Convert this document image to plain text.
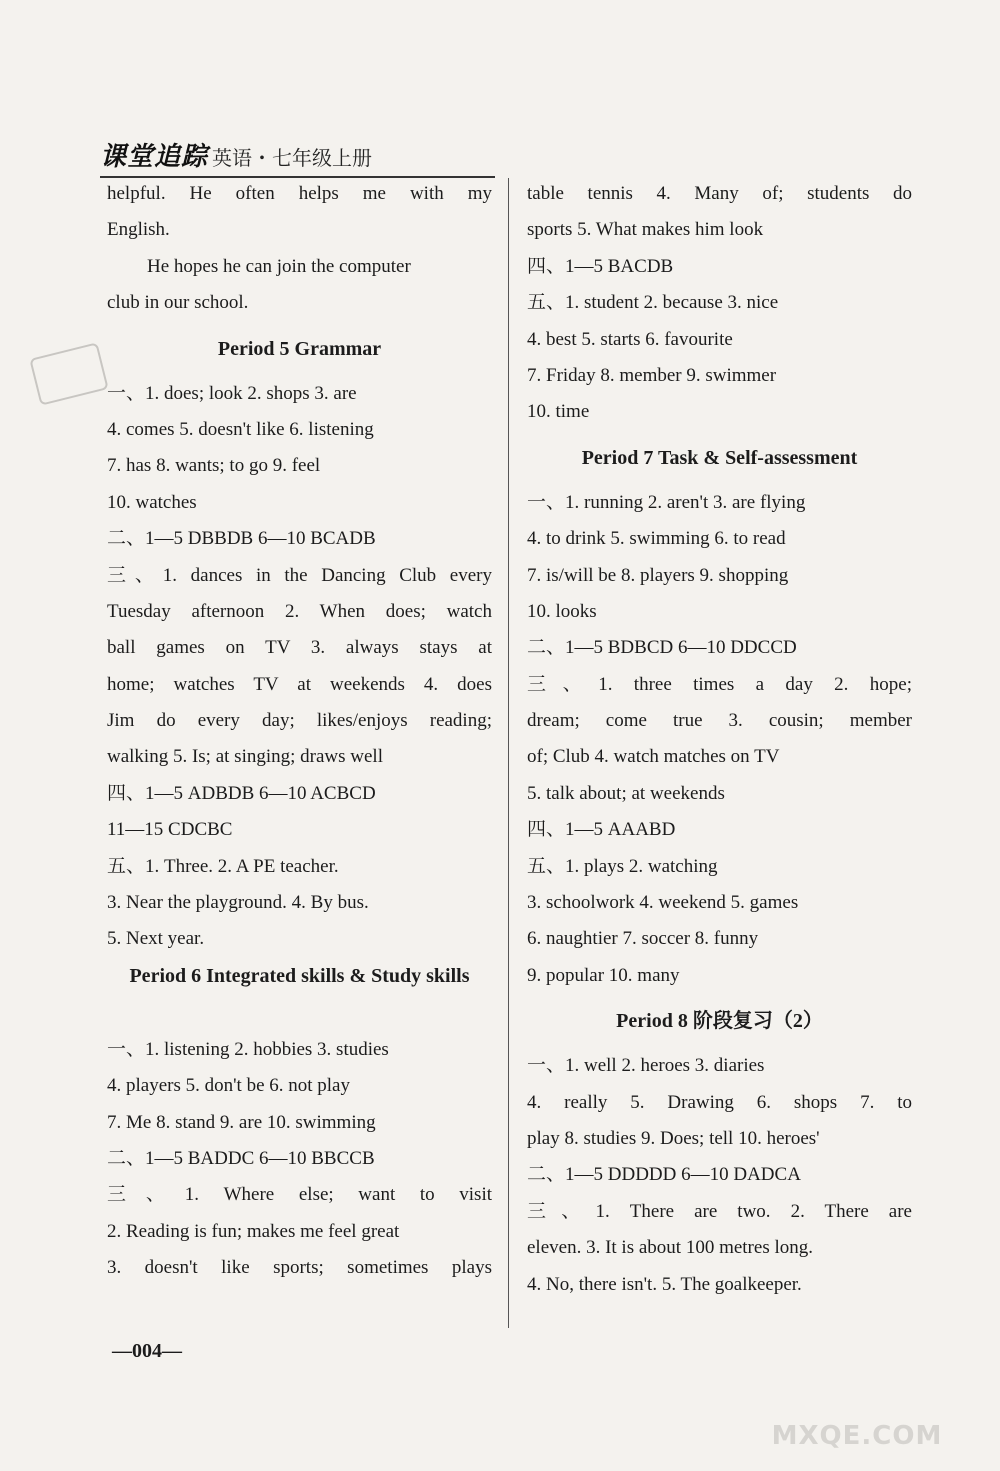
课堂追踪 英语・七年级上册
helpful. He often helps me with my
English.
He hopes he can join the computer
club in our school.
Period 5 Grammar
一、1. does; look 2. shops 3. are
4. comes 5. doesn't like 6. listening
7. has 8. wants; to go 9. feel
10. watches
二、1—5 DBBDB 6—10 BCADB
三、1. dances in the Dancing Club every
Tuesday afternoon 2. When does; watch
ball games on TV 3. always stays at
home; watches TV at weekends 4. does
Jim do every day; likes/enjoys reading;
walking 5. Is; at singing; draws well
四、1—5 ADBDB 6—10 ACBCD
11—15 CDCBC
五、1. Three. 2. A PE teacher.
3. Near the playground. 4. By bus.
5. Next year.
Period 6 Integrated skills & Study skills
一、1. listening 2. hobbies 3. studies
4. players 5. don't be 6. not play
7. Me 8. stand 9. are 10. swimming
二、1—5 BADDC 6—10 BBCCB
三、1. Where else; want to visit
2. Reading is fun; makes me feel great
3. doesn't like sports; sometimes plays
table tennis 4. Many of; students do
sports 5. What makes him look
四、1—5 BACDB
五、1. student 2. because 3. nice
4. best 5. starts 6. favourite
7. Friday 8. member 9. swimmer
10. time
Period 7 Task & Self-assessment
一、1. running 2. aren't 3. are flying
4. to drink 5. swimming 6. to read
7. is/will be 8. players 9. shopping
10. looks
二、1—5 BDBCD 6—10 DDCCD
三、1. three times a day 2. hope;
dream; come true 3. cousin; member
of; Club 4. watch matches on TV
5. talk about; at weekends
四、1—5 AAABD
五、1. plays 2. watching
3. schoolwork 4. weekend 5. games
6. naughtier 7. soccer 8. funny
9. popular 10. many
Period 8 阶段复习（2）
一、1. well 2. heroes 3. diaries
4. really 5. Drawing 6. shops 7. to
play 8. studies 9. Does; tell 10. heroes'
二、1—5 DDDDD 6—10 DADCA
三、1. There are two. 2. There are
eleven. 3. It is about 100 metres long.
4. No, there isn't. 5. The goalkeeper.
—004—
MXQE.COM
